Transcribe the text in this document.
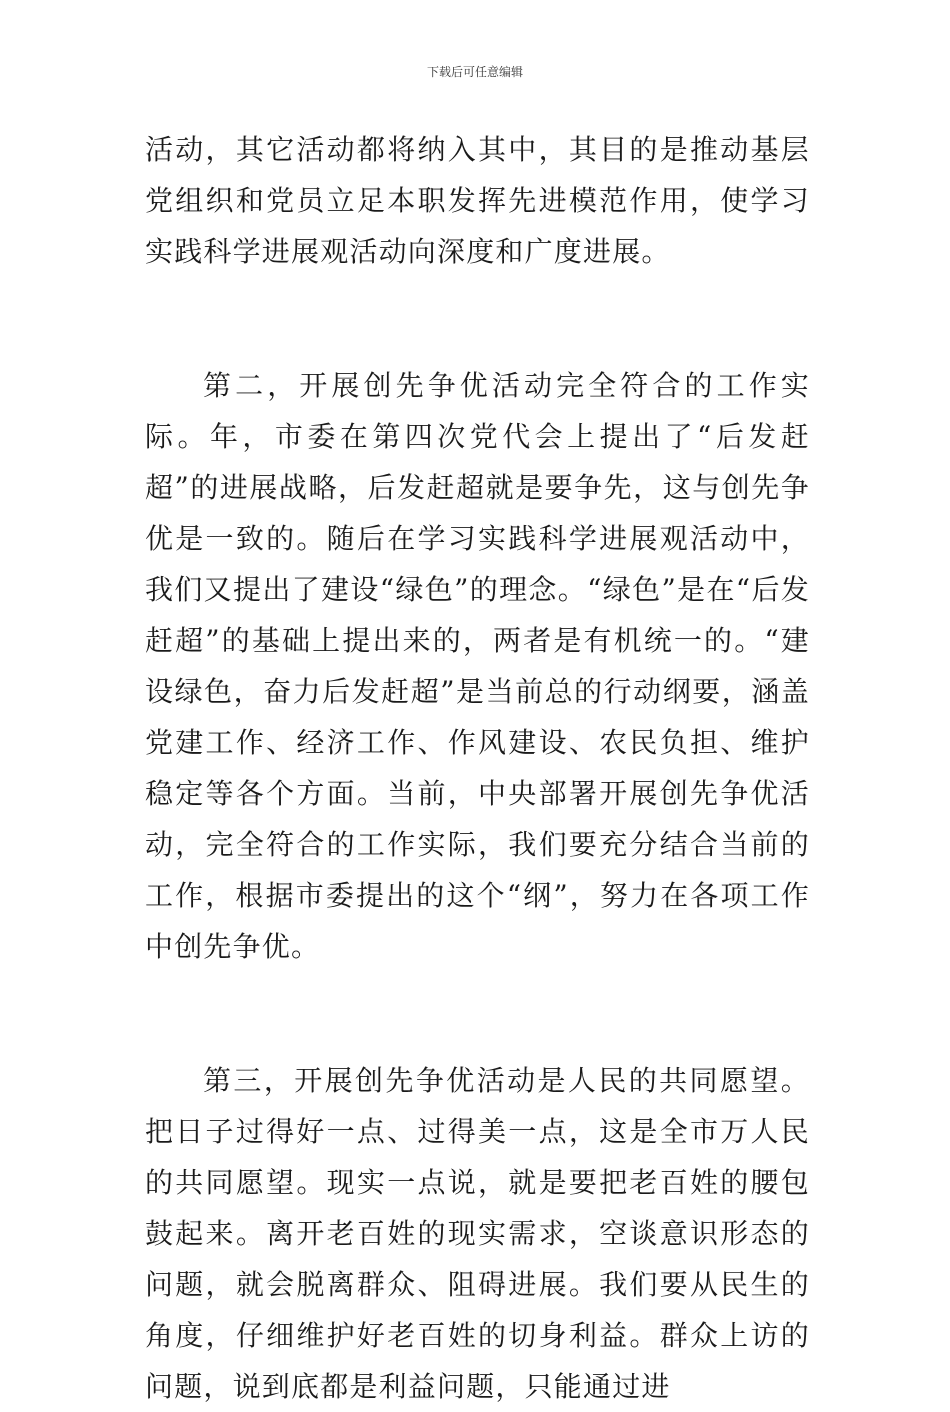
下载后可任意编辑

活动，其它活动都将纳入其中，其目的是推动基层党组织和党员立足本职发挥先进模范作用，使学习实践科学进展观活动向深度和广度进展。

第二，开展创先争优活动完全符合的工作实际。年，市委在第四次党代会上提出了“后发赶超”的进展战略，后发赶超就是要争先，这与创先争优是一致的。随后在学习实践科学进展观活动中，我们又提出了建设“绿色”的理念。“绿色”是在“后发赶超”的基础上提出来的，两者是有机统一的。“建设绿色，奋力后发赶超”是当前总的行动纲要，涵盖党建工作、经济工作、作风建设、农民负担、维护稳定等各个方面。当前，中央部署开展创先争优活动，完全符合的工作实际，我们要充分结合当前的工作，根据市委提出的这个“纲”，努力在各项工作中创先争优。

第三，开展创先争优活动是人民的共同愿望。把日子过得好一点、过得美一点，这是全市万人民的共同愿望。现实一点说，就是要把老百姓的腰包鼓起来。离开老百姓的现实需求，空谈意识形态的问题，就会脱离群众、阻碍进展。我们要从民生的角度，仔细维护好老百姓的切身利益。群众上访的问题，说到底都是利益问题，只能通过进
